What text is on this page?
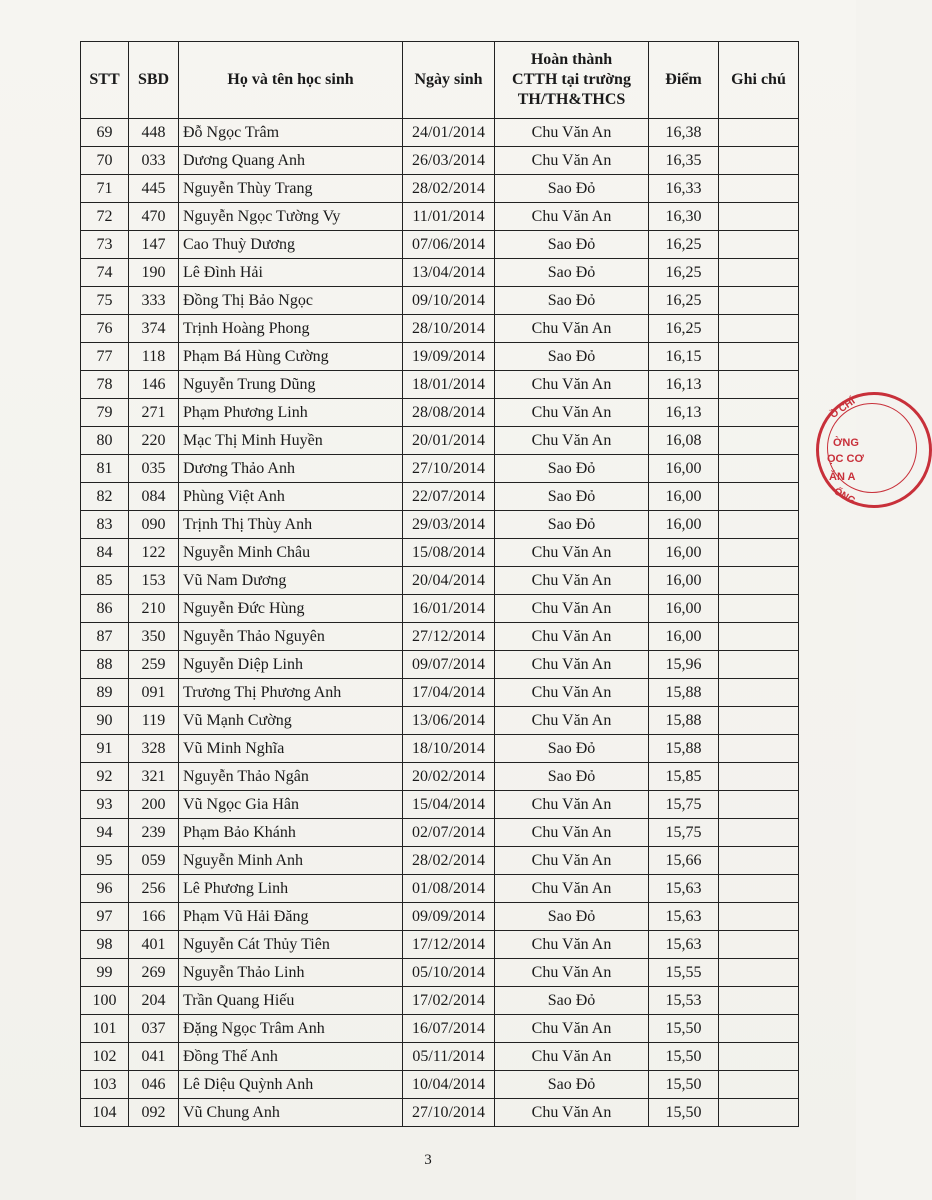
STT	SBD	Họ và tên học sinh	Ngày sinh	Hoàn thành
CTTH tại trường
TH/TH&THCS	Điểm	Ghi chú
69	448	Đỗ Ngọc Trâm	24/01/2014	Chu Văn An	16,38	
70	033	Dương Quang Anh	26/03/2014	Chu Văn An	16,35	
71	445	Nguyễn Thùy Trang	28/02/2014	Sao Đỏ	16,33	
72	470	Nguyễn Ngọc Tường Vy	11/01/2014	Chu Văn An	16,30	
73	147	Cao Thuỳ Dương	07/06/2014	Sao Đỏ	16,25	
74	190	Lê Đình Hải	13/04/2014	Sao Đỏ	16,25	
75	333	Đồng Thị Bảo Ngọc	09/10/2014	Sao Đỏ	16,25	
76	374	Trịnh Hoàng Phong	28/10/2014	Chu Văn An	16,25	
77	118	Phạm Bá Hùng Cường	19/09/2014	Sao Đỏ	16,15	
78	146	Nguyễn Trung Dũng	18/01/2014	Chu Văn An	16,13	
79	271	Phạm Phương Linh	28/08/2014	Chu Văn An	16,13	
80	220	Mạc Thị Minh Huyền	20/01/2014	Chu Văn An	16,08	
81	035	Dương Thảo Anh	27/10/2014	Sao Đỏ	16,00	
82	084	Phùng Việt Anh	22/07/2014	Sao Đỏ	16,00	
83	090	Trịnh Thị Thùy Anh	29/03/2014	Sao Đỏ	16,00	
84	122	Nguyễn Minh Châu	15/08/2014	Chu Văn An	16,00	
85	153	Vũ Nam Dương	20/04/2014	Chu Văn An	16,00	
86	210	Nguyễn Đức Hùng	16/01/2014	Chu Văn An	16,00	
87	350	Nguyễn Thảo Nguyên	27/12/2014	Chu Văn An	16,00	
88	259	Nguyễn Diệp Linh	09/07/2014	Chu Văn An	15,96	
89	091	Trương Thị Phương Anh	17/04/2014	Chu Văn An	15,88	
90	119	Vũ Mạnh Cường	13/06/2014	Chu Văn An	15,88	
91	328	Vũ Minh Nghĩa	18/10/2014	Sao Đỏ	15,88	
92	321	Nguyễn Thảo Ngân	20/02/2014	Sao Đỏ	15,85	
93	200	Vũ Ngọc Gia Hân	15/04/2014	Chu Văn An	15,75	
94	239	Phạm Bảo Khánh	02/07/2014	Chu Văn An	15,75	
95	059	Nguyễn Minh Anh	28/02/2014	Chu Văn An	15,66	
96	256	Lê Phương Linh	01/08/2014	Chu Văn An	15,63	
97	166	Phạm Vũ Hải Đăng	09/09/2014	Sao Đỏ	15,63	
98	401	Nguyễn Cát Thủy Tiên	17/12/2014	Chu Văn An	15,63	
99	269	Nguyễn Thảo Linh	05/10/2014	Chu Văn An	15,55	
100	204	Trần Quang Hiếu	17/02/2014	Sao Đỏ	15,53	
101	037	Đặng Ngọc Trâm Anh	16/07/2014	Chu Văn An	15,50	
102	041	Đồng Thế Anh	05/11/2014	Chu Văn An	15,50	
103	046	Lê Diệu Quỳnh Anh	10/04/2014	Sao Đỏ	15,50	
104	092	Vũ Chung Anh	27/10/2014	Chu Văn An	15,50	
3
Ồ CHÍ
ỜNG
ỌC CƠ
ĂN A
ỐNG
